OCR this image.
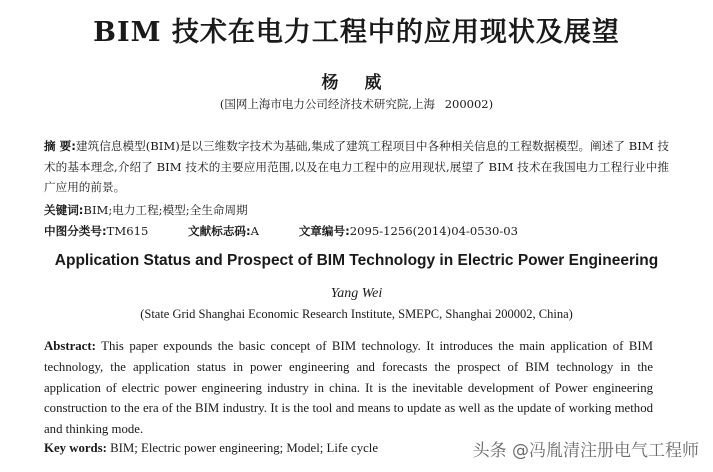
BIM 技术在电力工程中的应用现状及展望
杨 威
(国网上海市电力公司经济技术研究院,上海 200002)
摘 要:建筑信息模型(BIM)是以三维数字技术为基础,集成了建筑工程项目中各种相关信息的工程数据模型。阐述了 BIM 技术的基本理念,介绍了 BIM 技术的主要应用范围,以及在电力工程中的应用现状,展望了 BIM 技术在我国电力工程行业中推广应用的前景。
关键词:BIM;电力工程;模型;全生命周期
中图分类号:TM615	文献标志码:A	文章编号:2095-1256(2014)04-0530-03
Application Status and Prospect of BIM Technology in Electric Power Engineering
Yang Wei
(State Grid Shanghai Economic Research Institute, SMEPC, Shanghai 200002, China)
Abstract: This paper expounds the basic concept of BIM technology. It introduces the main application of BIM technology, the application status in power engineering and forecasts the prospect of BIM technology in the application of electric power engineering industry in china. It is the inevitable development of Power engineering construction to the era of the BIM industry. It is the tool and means to update as well as the update of working method and thinking mode.
Key words: BIM; Electric power engineering; Model; Life cycle	头条 @冯胤清注册电气工程师
